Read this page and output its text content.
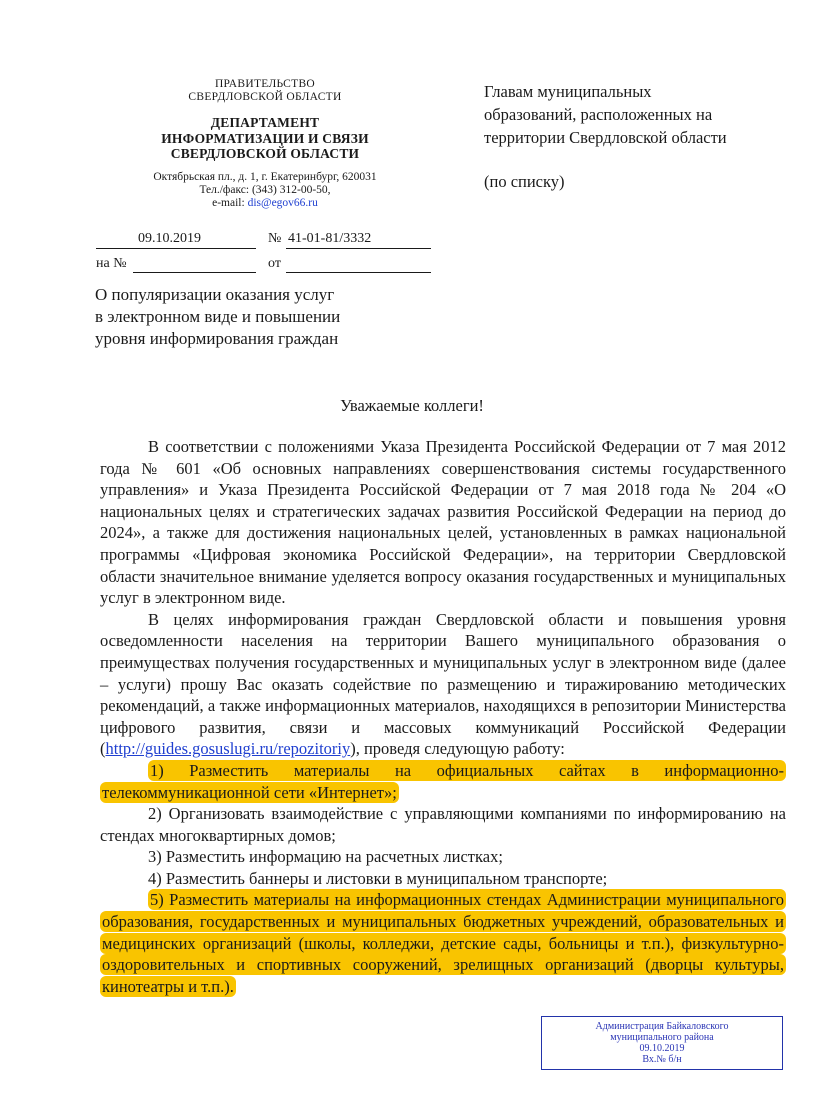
ПРАВИТЕЛЬСТВО
СВЕРДЛОВСКОЙ ОБЛАСТИ
ДЕПАРТАМЕНТ
ИНФОРМАТИЗАЦИИ И СВЯЗИ
СВЕРДЛОВСКОЙ ОБЛАСТИ
Октябрьская пл., д. 1, г. Екатеринбург, 620031
Тел./факс: (343) 312-00-50,
e-mail: dis@egov66.ru
09.10.2019	№ 41-01-81/3332
на №	от
Главам муниципальных
образований, расположенных на
территории Свердловской области
(по списку)
О популяризации оказания услуг
в электронном виде и повышении
уровня информирования граждан
Уважаемые коллеги!

В соответствии с положениями Указа Президента Российской Федерации от 7 мая 2012 года № 601 «Об основных направлениях совершенствования системы государственного управления» и Указа Президента Российской Федерации от 7 мая 2018 года № 204 «О национальных целях и стратегических задачах развития Российской Федерации на период до 2024», а также для достижения национальных целей, установленных в рамках национальной программы «Цифровая экономика Российской Федерации», на территории Свердловской области значительное внимание уделяется вопросу оказания государственных и муниципальных услуг в электронном виде.

В целях информирования граждан Свердловской области и повышения уровня осведомленности населения на территории Вашего муниципального образования о преимуществах получения государственных и муниципальных услуг в электронном виде (далее – услуги) прошу Вас оказать содействие по размещению и тиражированию методических рекомендаций, а также информационных материалов, находящихся в репозитории Министерства цифрового развития, связи и массовых коммуникаций Российской Федерации (http://guides.gosuslugi.ru/repozitoriy), проведя следующую работу:

1) Разместить материалы на официальных сайтах в информационно-телекоммуникационной сети «Интернет»;

2) Организовать взаимодействие с управляющими компаниями по информированию на стендах многоквартирных домов;

3) Разместить информацию на расчетных листках;

4) Разместить баннеры и листовки в муниципальном транспорте;

5) Разместить материалы на информационных стендах Администрации муниципального образования, государственных и муниципальных бюджетных учреждений, образовательных и медицинских организаций (школы, колледжи, детские сады, больницы и т.п.), физкультурно-оздоровительных и спортивных сооружений, зрелищных организаций (дворцы культуры, кинотеатры и т.п.).

Администрация Байкаловского
муниципального района
09.10.2019
Вх.№ б/н
